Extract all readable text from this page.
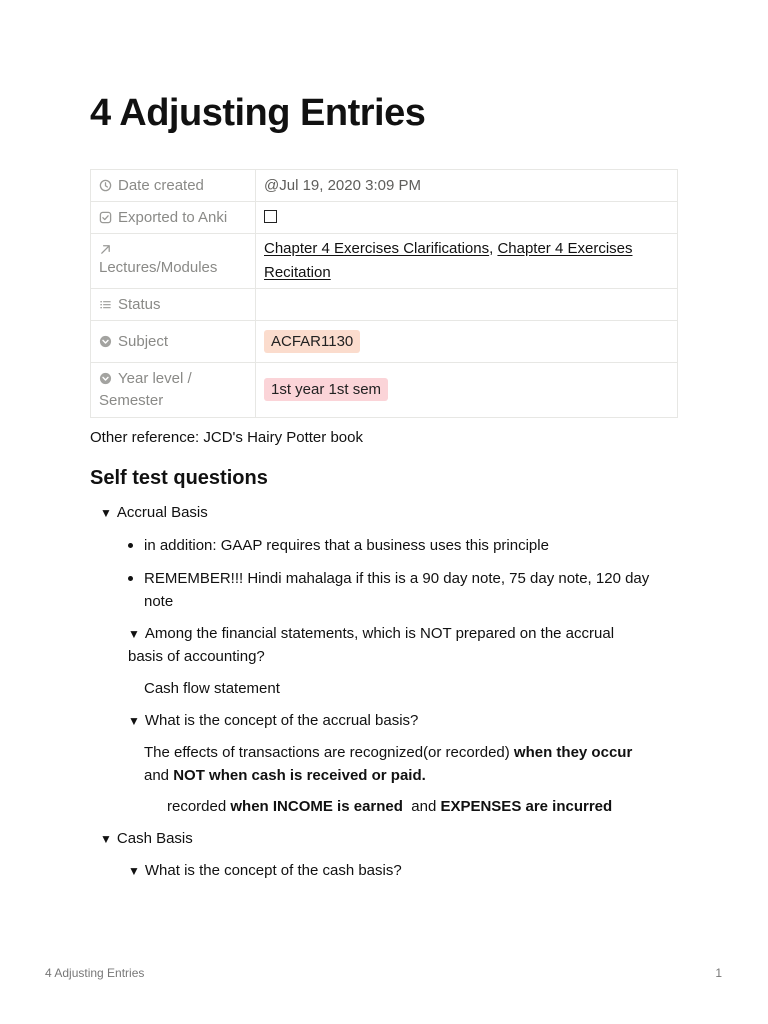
4 Adjusting Entries
Date created	@Jul 19, 2020 3:09 PM

Exported to Anki	

Lectures/Modules	Chapter 4 Exercises Clarifications, Chapter 4 Exercises Recitation

Status	

Subject	ACFAR1130

Year level /
Semester	1st year 1st sem
Other reference: JCD's Hairy Potter book
Self test questions
▼ Accrual Basis
in addition: GAAP requires that a business uses this principle
REMEMBER!!! Hindi mahalaga if this is a 90 day note, 75 day note, 120 day
note
▼ Among the financial statements, which is NOT prepared on the accrual
basis of accounting?
Cash flow statement
▼ What is the concept of the accrual basis?
The effects of transactions are recognized(or recorded) when they occur
and NOT when cash is received or paid.
recorded when INCOME is earned  and EXPENSES are incurred
▼ Cash Basis
▼ What is the concept of the cash basis?
4 Adjusting Entries	1
